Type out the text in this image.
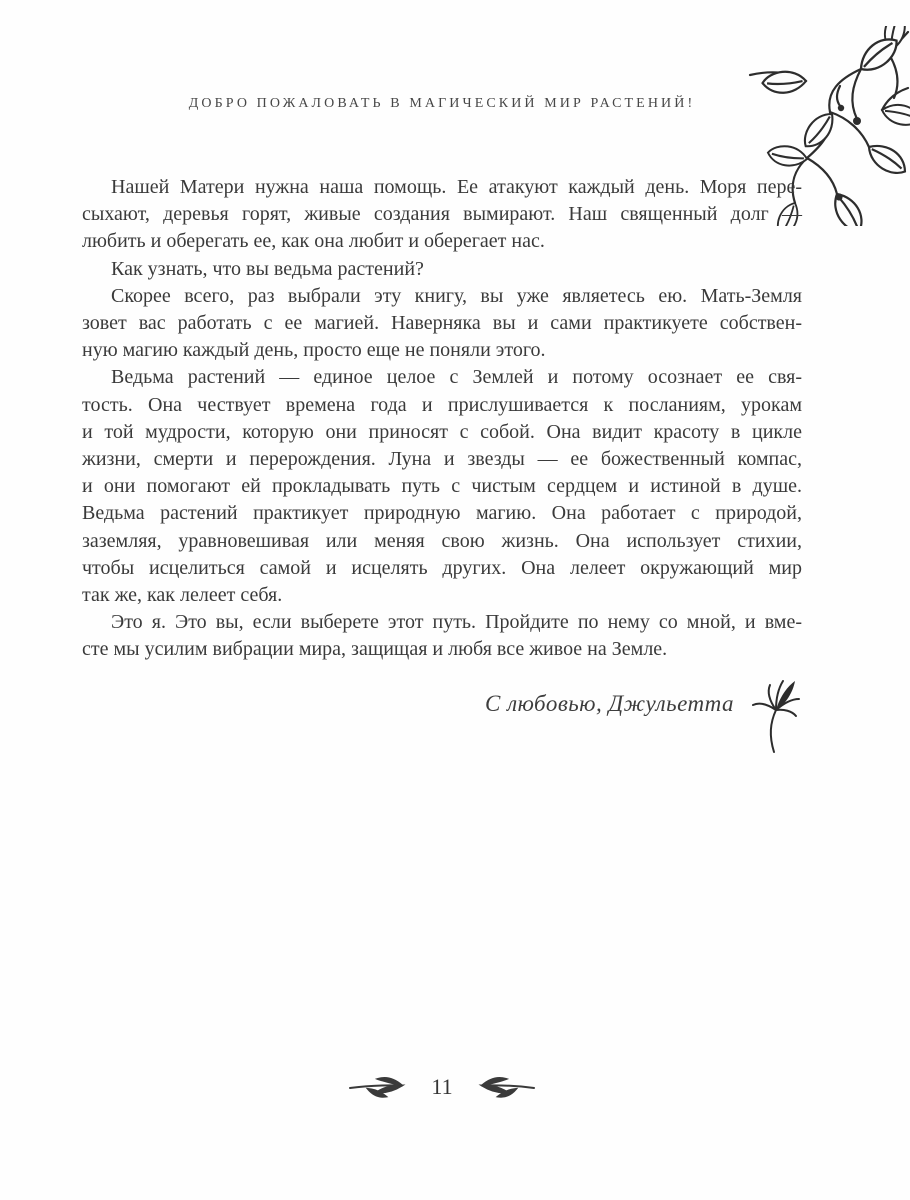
ДОБРО ПОЖАЛОВАТЬ В МАГИЧЕСКИЙ МИР РАСТЕНИЙ!
Нашей Матери нужна наша помощь. Ее атакуют каждый день. Моря пере-
сыхают, деревья горят, живые создания вымирают. Наш священный долг —
любить и оберегать ее, как она любит и оберегает нас.
Как узнать, что вы ведьма растений?
Скорее всего, раз выбрали эту книгу, вы уже являетесь ею. Мать-Земля
зовет вас работать с ее магией. Наверняка вы и сами практикуете собствен-
ную магию каждый день, просто еще не поняли этого.
Ведьма растений — единое целое с Землей и потому осознает ее свя-
тость. Она чествует времена года и прислушивается к посланиям, урокам
и той мудрости, которую они приносят с собой. Она видит красоту в цикле
жизни, смерти и перерождения. Луна и звезды — ее божественный компас,
и они помогают ей прокладывать путь с чистым сердцем и истиной в душе.
Ведьма растений практикует природную магию. Она работает с природой,
заземляя, уравновешивая или меняя свою жизнь. Она использует стихии,
чтобы исцелиться самой и исцелять других. Она лелеет окружающий мир
так же, как лелеет себя.
Это я. Это вы, если выберете этот путь. Пройдите по нему со мной, и вме-
сте мы усилим вибрации мира, защищая и любя все живое на Земле.
С любовью, Джульетта
11
